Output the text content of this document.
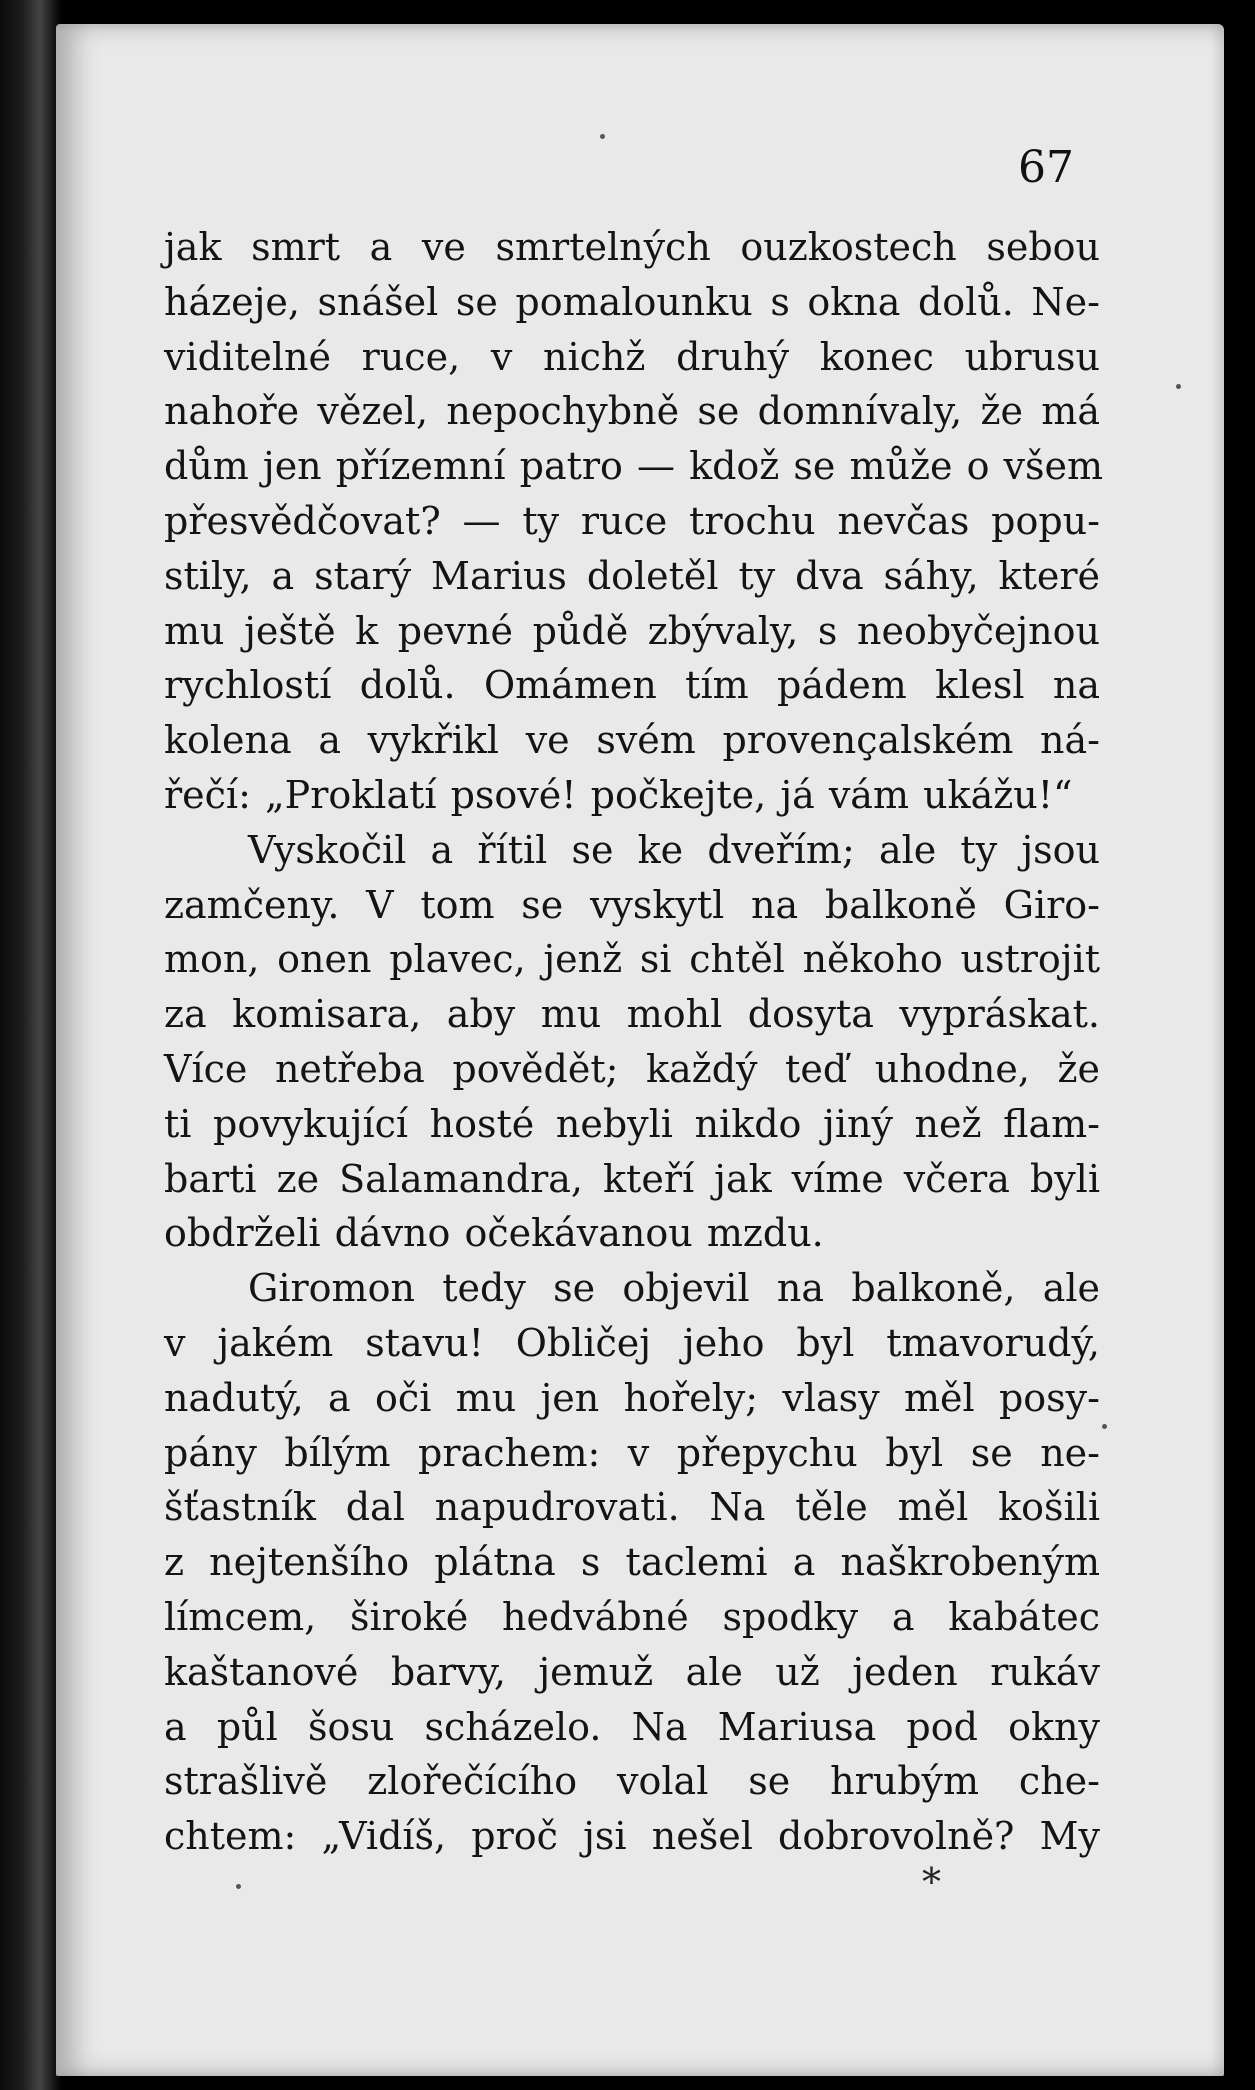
67

jak smrt a ve smrtelných ouzkostech sebou
házeje, snášel se pomalounku s okna dolů. Ne-
viditelné ruce, v nichž druhý konec ubrusu
nahoře vězel, nepochybně se domnívaly, že má
dům jen přízemní patro — kdož se může o všem
přesvědčovat? — ty ruce trochu nevčas popu-
stily, a starý Marius doletěl ty dva sáhy, které
mu ještě k pevné půdě zbývaly, s neobyčejnou
rychlostí dolů. Omámen tím pádem klesl na
kolena a vykřikl ve svém provençalském ná-
řečí: „Proklatí psové! počkejte, já vám ukážu!“

Vyskočil a řítil se ke dveřím; ale ty jsou
zamčeny. V tom se vyskytl na balkoně Giro-
mon, onen plavec, jenž si chtěl někoho ustrojit
za komisara, aby mu mohl dosyta vypráskat.
Více netřeba povědět; každý teď uhodne, že
ti povykující hosté nebyli nikdo jiný než flam-
barti ze Salamandra, kteří jak víme včera byli
obdrželi dávno očekávanou mzdu.

Giromon tedy se objevil na balkoně, ale
v jakém stavu! Obličej jeho byl tmavorudý,
nadutý, a oči mu jen hořely; vlasy měl posy-
pány bílým prachem: v přepychu byl se ne-
šťastník dal napudrovati. Na těle měl košili
z nejtenšího plátna s taclemi a naškrobeným
límcem, široké hedvábné spodky a kabátec
kaštanové barvy, jemuž ale už jeden rukáv
a půl šosu scházelo. Na Mariusa pod okny
strašlivě zlořečícího volal se hrubým che-
chtem: „Vidíš, proč jsi nešel dobrovolně? My

*
